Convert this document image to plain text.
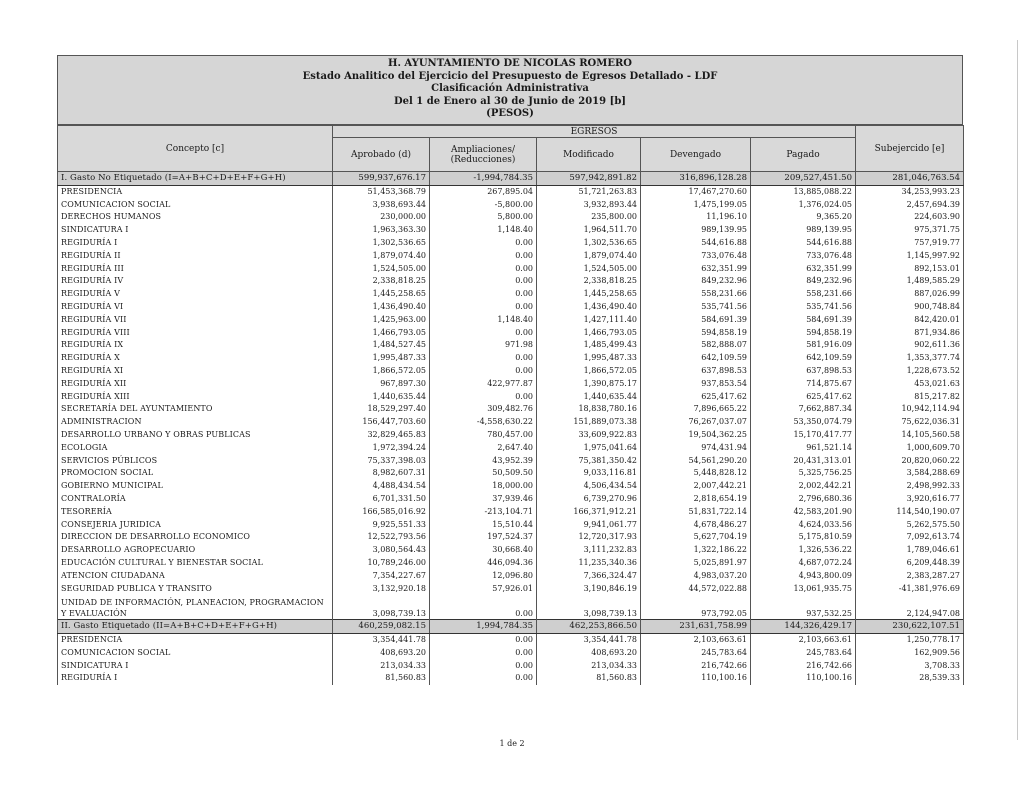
H. AYUNTAMIENTO DE NICOLAS ROMERO
Estado Analitico del Ejercicio del Presupuesto de Egresos Detallado - LDF
Clasificación Administrativa
Del 1 de Enero al 30 de Junio de 2019 [b]
(PESOS)
Concepto [c]	EGRESOS					Subejercido [e]
	Aprobado (d)	Ampliaciones/ (Reducciones)	Modificado	Devengado	Pagado	
I. Gasto No Etiquetado (I=A+B+C+D+E+F+G+H)	599,937,676.17	-1,994,784.35	597,942,891.82	316,896,128.28	209,527,451.50	281,046,763.54
PRESIDENCIA	51,453,368.79	267,895.04	51,721,263.83	17,467,270.60	13,885,088.22	34,253,993.23
COMUNICACION SOCIAL	3,938,693.44	-5,800.00	3,932,893.44	1,475,199.05	1,376,024.05	2,457,694.39
DERECHOS HUMANOS	230,000.00	5,800.00	235,800.00	11,196.10	9,365.20	224,603.90
SINDICATURA I	1,963,363.30	1,148.40	1,964,511.70	989,139.95	989,139.95	975,371.75
REGIDURÍA I	1,302,536.65	0.00	1,302,536.65	544,616.88	544,616.88	757,919.77
REGIDURÍA II	1,879,074.40	0.00	1,879,074.40	733,076.48	733,076.48	1,145,997.92
REGIDURÍA III	1,524,505.00	0.00	1,524,505.00	632,351.99	632,351.99	892,153.01
REGIDURÍA IV	2,338,818.25	0.00	2,338,818.25	849,232.96	849,232.96	1,489,585.29
REGIDURÍA V	1,445,258.65	0.00	1,445,258.65	558,231.66	558,231.66	887,026.99
REGIDURÍA VI	1,436,490.40	0.00	1,436,490.40	535,741.56	535,741.56	900,748.84
REGIDURÍA VII	1,425,963.00	1,148.40	1,427,111.40	584,691.39	584,691.39	842,420.01
REGIDURÍA VIII	1,466,793.05	0.00	1,466,793.05	594,858.19	594,858.19	871,934.86
REGIDURÍA IX	1,484,527.45	971.98	1,485,499.43	582,888.07	581,916.09	902,611.36
REGIDURÍA X	1,995,487.33	0.00	1,995,487.33	642,109.59	642,109.59	1,353,377.74
REGIDURÍA XI	1,866,572.05	0.00	1,866,572.05	637,898.53	637,898.53	1,228,673.52
REGIDURÍA XII	967,897.30	422,977.87	1,390,875.17	937,853.54	714,875.67	453,021.63
REGIDURÍA XIII	1,440,635.44	0.00	1,440,635.44	625,417.62	625,417.62	815,217.82
SECRETARÍA DEL AYUNTAMIENTO	18,529,297.40	309,482.76	18,838,780.16	7,896,665.22	7,662,887.34	10,942,114.94
ADMINISTRACION	156,447,703.60	-4,558,630.22	151,889,073.38	76,267,037.07	53,350,074.79	75,622,036.31
DESARROLLO URBANO Y OBRAS PUBLICAS	32,829,465.83	780,457.00	33,609,922.83	19,504,362.25	15,170,417.77	14,105,560.58
ECOLOGIA	1,972,394.24	2,647.40	1,975,041.64	974,431.94	961,521.14	1,000,609.70
SERVICIOS PÚBLICOS	75,337,398.03	43,952.39	75,381,350.42	54,561,290.20	20,431,313.01	20,820,060.22
PROMOCION SOCIAL	8,982,607.31	50,509.50	9,033,116.81	5,448,828.12	5,325,756.25	3,584,288.69
GOBIERNO MUNICIPAL	4,488,434.54	18,000.00	4,506,434.54	2,007,442.21	2,002,442.21	2,498,992.33
CONTRALORÍA	6,701,331.50	37,939.46	6,739,270.96	2,818,654.19	2,796,680.36	3,920,616.77
TESORERÍA	166,585,016.92	-213,104.71	166,371,912.21	51,831,722.14	42,583,201.90	114,540,190.07
CONSEJERIA JURIDICA	9,925,551.33	15,510.44	9,941,061.77	4,678,486.27	4,624,033.56	5,262,575.50
DIRECCION DE DESARROLLO ECONOMICO	12,522,793.56	197,524.37	12,720,317.93	5,627,704.19	5,175,810.59	7,092,613.74
DESARROLLO AGROPECUARIO	3,080,564.43	30,668.40	3,111,232.83	1,322,186.22	1,326,536.22	1,789,046.61
EDUCACIÓN CULTURAL Y BIENESTAR SOCIAL	10,789,246.00	446,094.36	11,235,340.36	5,025,891.97	4,687,072.24	6,209,448.39
ATENCION CIUDADANA	7,354,227.67	12,096.80	7,366,324.47	4,983,037.20	4,943,800.09	2,383,287.27
SEGURIDAD PUBLICA Y TRANSITO	3,132,920.18	57,926.01	3,190,846.19	44,572,022.88	13,061,935.75	-41,381,976.69
UNIDAD DE INFORMACIÓN, PLANEACION, PROGRAMACION Y EVALUACIÓN	3,098,739.13	0.00	3,098,739.13	973,792.05	937,532.25	2,124,947.08
II. Gasto Etiquetado (II=A+B+C+D+E+F+G+H)	460,259,082.15	1,994,784.35	462,253,866.50	231,631,758.99	144,326,429.17	230,622,107.51
PRESIDENCIA	3,354,441.78	0.00	3,354,441.78	2,103,663.61	2,103,663.61	1,250,778.17
COMUNICACION SOCIAL	408,693.20	0.00	408,693.20	245,783.64	245,783.64	162,909.56
SINDICATURA I	213,034.33	0.00	213,034.33	216,742.66	216,742.66	3,708.33
REGIDURÍA I	81,560.83	0.00	81,560.83	110,100.16	110,100.16	28,539.33
1 de 2
